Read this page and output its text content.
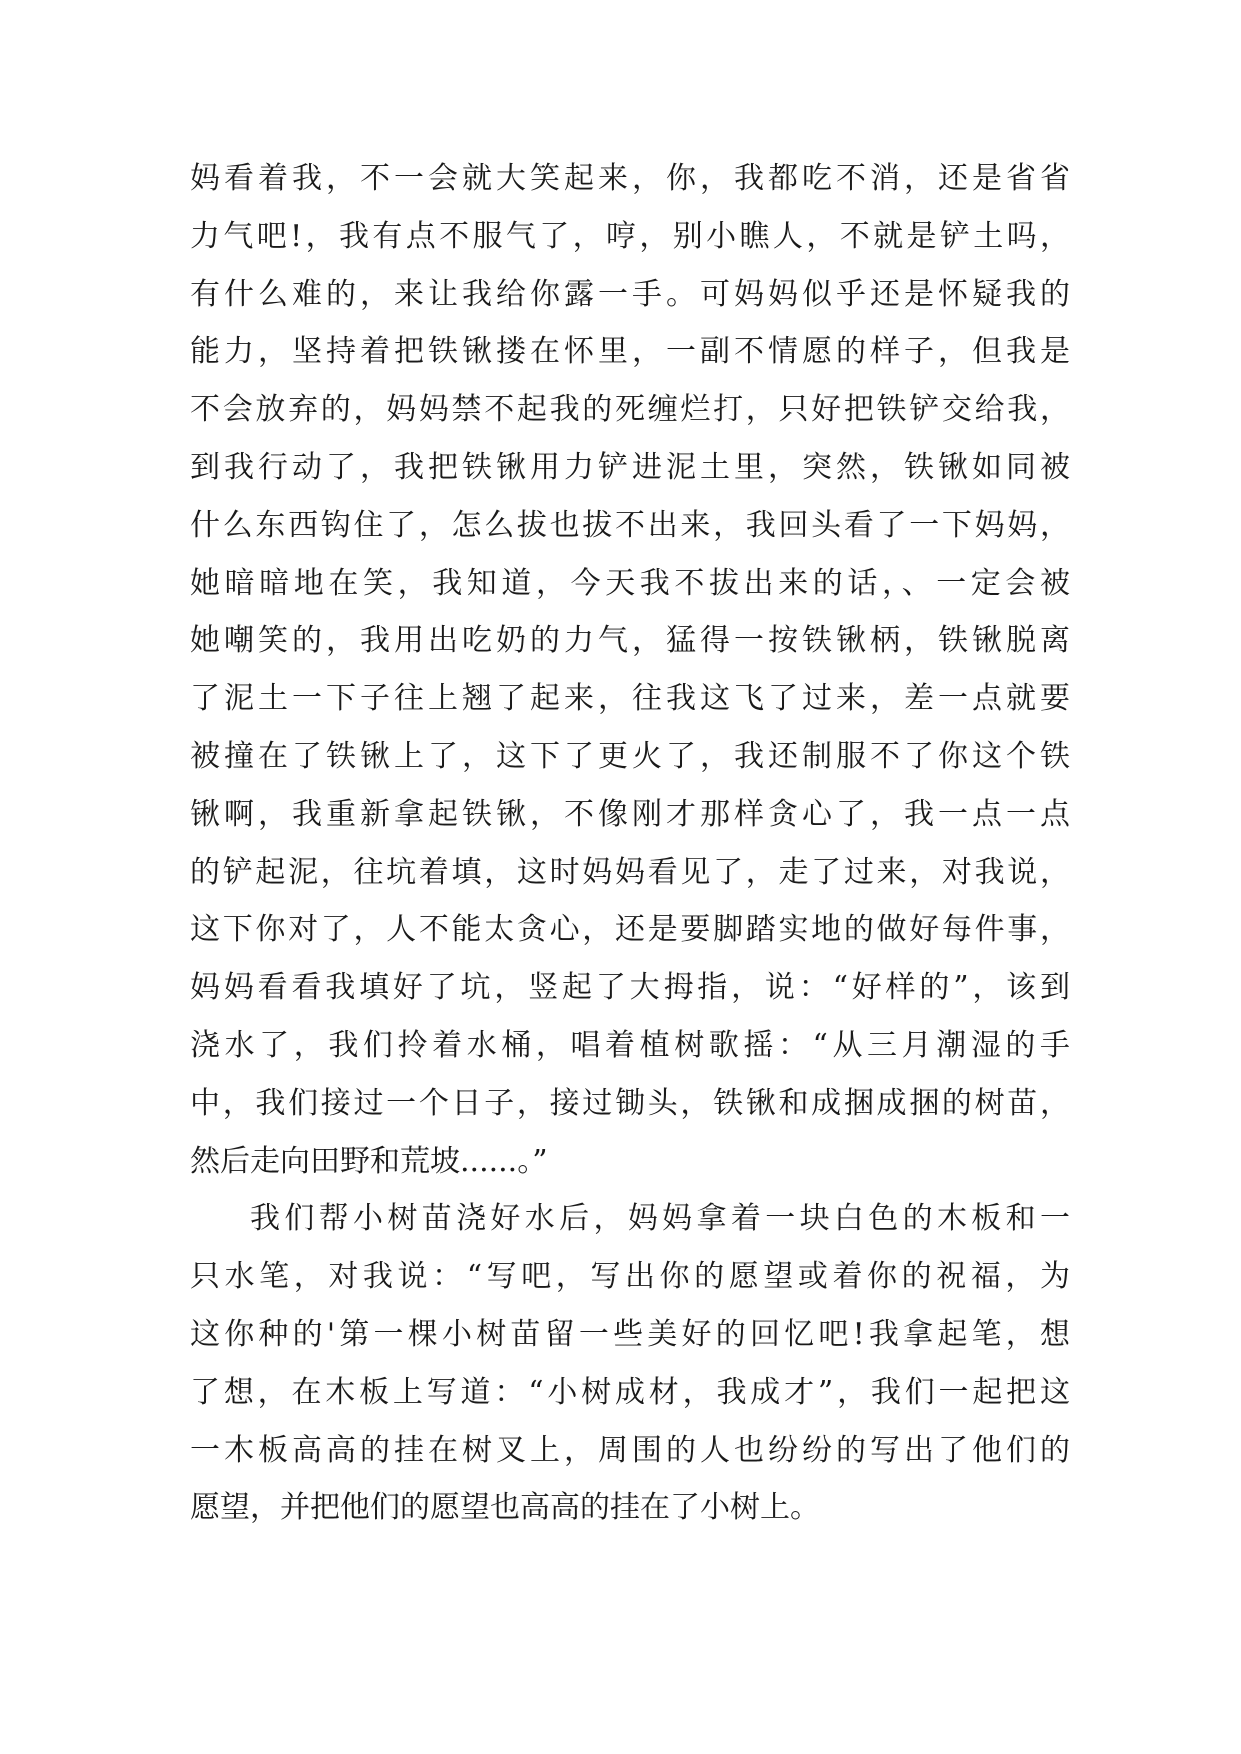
妈看着我，不一会就大笑起来，你，我都吃不消，还是省省
力气吧!，我有点不服气了，哼，别小瞧人，不就是铲土吗，
有什么难的，来让我给你露一手。可妈妈似乎还是怀疑我的
能力，坚持着把铁锹搂在怀里，一副不情愿的样子，但我是
不会放弃的，妈妈禁不起我的死缠烂打，只好把铁铲交给我，
到我行动了，我把铁锹用力铲进泥土里，突然，铁锹如同被
什么东西钩住了，怎么拔也拔不出来，我回头看了一下妈妈，
她暗暗地在笑，我知道，今天我不拔出来的话，、一定会被
她嘲笑的，我用出吃奶的力气，猛得一按铁锹柄，铁锹脱离
了泥土一下子往上翘了起来，往我这飞了过来，差一点就要
被撞在了铁锹上了，这下了更火了，我还制服不了你这个铁
锹啊，我重新拿起铁锹，不像刚才那样贪心了，我一点一点
的铲起泥，往坑着填，这时妈妈看见了，走了过来，对我说，
这下你对了，人不能太贪心，还是要脚踏实地的做好每件事，
妈妈看看我填好了坑，竖起了大拇指，说：“好样的”，该到
浇水了，我们拎着水桶，唱着植树歌摇：“从三月潮湿的手
中，我们接过一个日子，接过锄头，铁锹和成捆成捆的树苗，
然后走向田野和荒坡......。”
我们帮小树苗浇好水后，妈妈拿着一块白色的木板和一
只水笔，对我说：“写吧，写出你的愿望或着你的祝福，为
这你种的'第一棵小树苗留一些美好的回忆吧!我拿起笔，想
了想，在木板上写道：“小树成材，我成才”，我们一起把这
一木板高高的挂在树叉上，周围的人也纷纷的写出了他们的
愿望，并把他们的愿望也高高的挂在了小树上。
